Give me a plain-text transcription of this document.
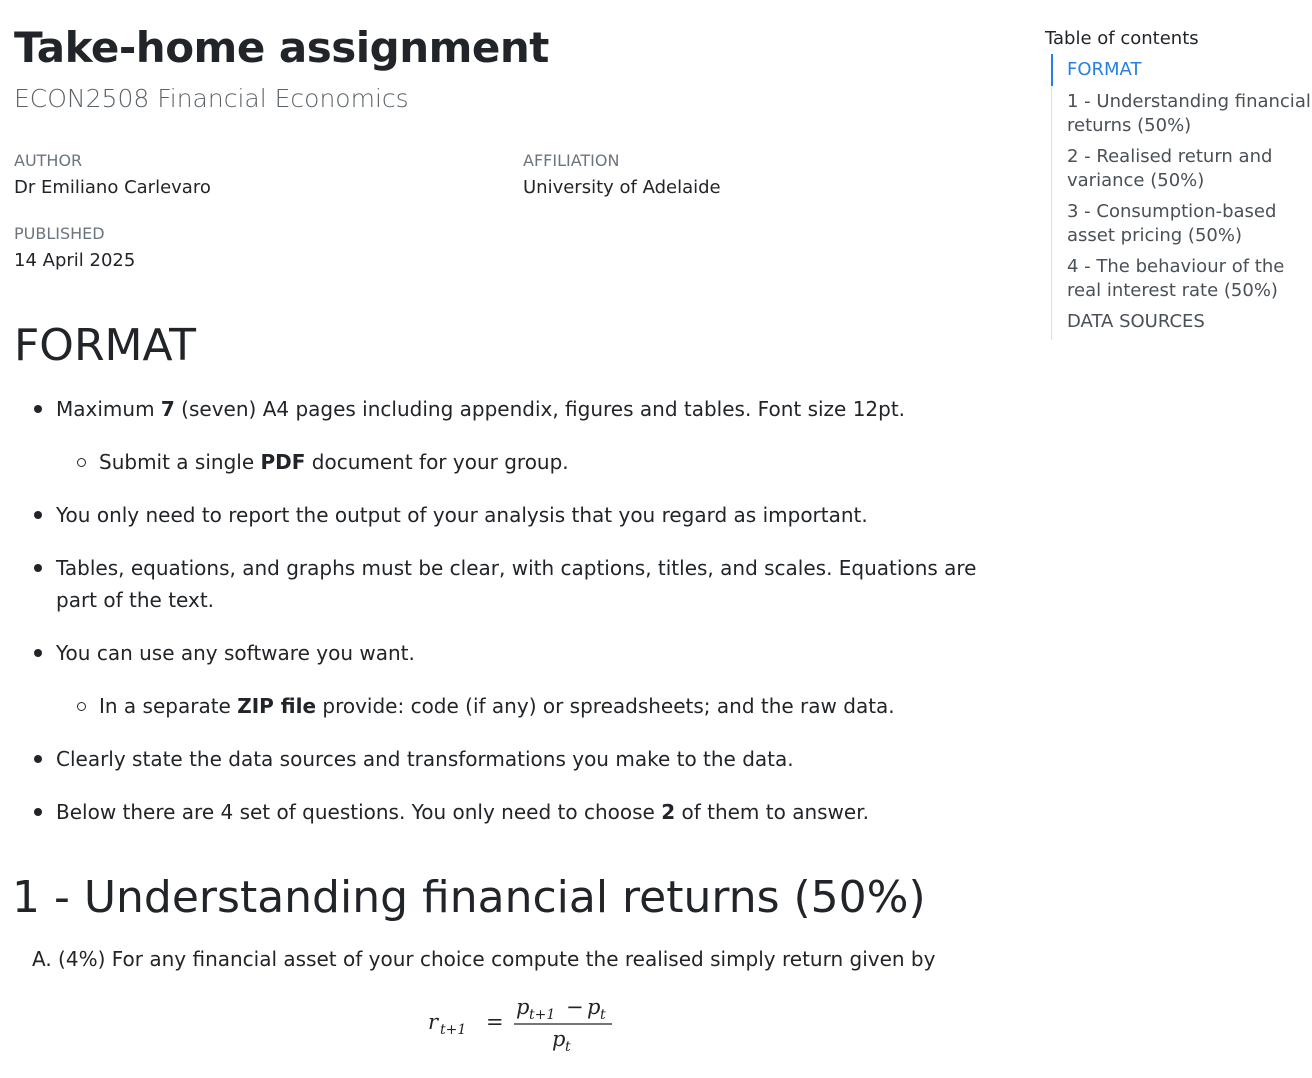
Take-home assignment

ECON2508 Financial Economics

AUTHOR
Dr Emiliano Carlevaro
AFFILIATION
University of Adelaide
PUBLISHED
14 April 2025
FORMAT
Maximum 7 (seven) A4 pages including appendix, figures and tables. Font size 12pt.
Submit a single PDF document for your group.
You only need to report the output of your analysis that you regard as important.
Tables, equations, and graphs must be clear, with captions, titles, and scales. Equations are part of the text.
You can use any software you want.
In a separate ZIP file provide: code (if any) or spreadsheets; and the raw data.
Clearly state the data sources and transformations you make to the data.
Below there are 4 set of questions. You only need to choose 2 of them to answer.
1 - Understanding financial returns (50%)
A. (4%) For any financial asset of your choice compute the realised simply return given by
r t+1 =
p t+1 − p t
p t
Table of contents
FORMAT
1 - Understanding financial returns (50%)
2 - Realised return and variance (50%)
3 - Consumption-based asset pricing (50%)
4 - The behaviour of the real interest rate (50%)
DATA SOURCES
